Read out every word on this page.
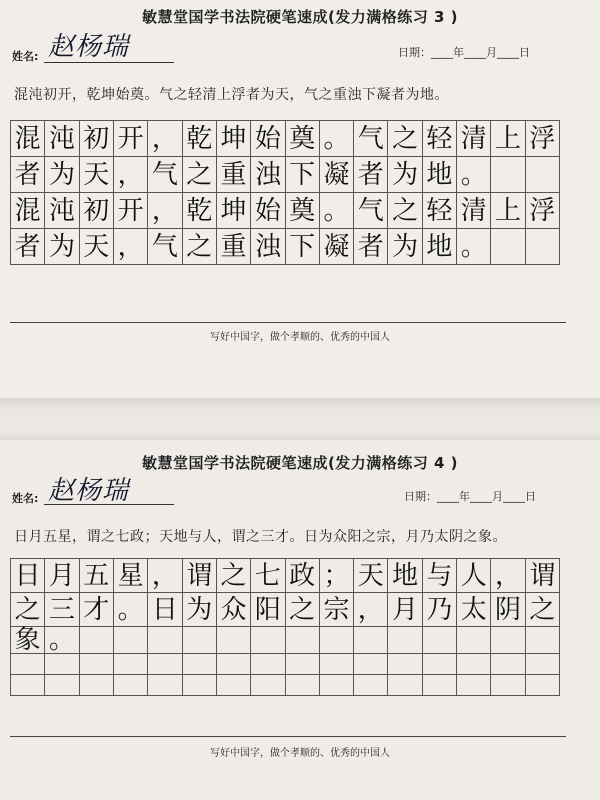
敏慧堂国学书法院硬笔速成(发力满格练习 3 )
姓名: 赵杨瑞	日期：____年____月____日
混沌初开，乾坤始奠。气之轻清上浮者为天，气之重浊下凝者为地。
混	沌	初	开	，	乾	坤	始	奠	。	气	之	轻	清	上	浮
者	为	天	，	气	之	重	浊	下	凝	者	为	地	。		
混	沌	初	开	，	乾	坤	始	奠	。	气	之	轻	清	上	浮
者	为	天	，	气	之	重	浊	下	凝	者	为	地	。		
写好中国字，做个孝顺的、优秀的中国人
敏慧堂国学书法院硬笔速成(发力满格练习 4 )
姓名: 赵杨瑞	日期：____年____月____日
日月五星，谓之七政；天地与人，谓之三才。日为众阳之宗，月乃太阴之象。
日	月	五	星	，	谓	之	七	政	；	天	地	与	人	，	谓
之	三	才	。	日	为	众	阳	之	宗	，	月	乃	太	阴	之
象	。														

写好中国字，做个孝顺的、优秀的中国人
